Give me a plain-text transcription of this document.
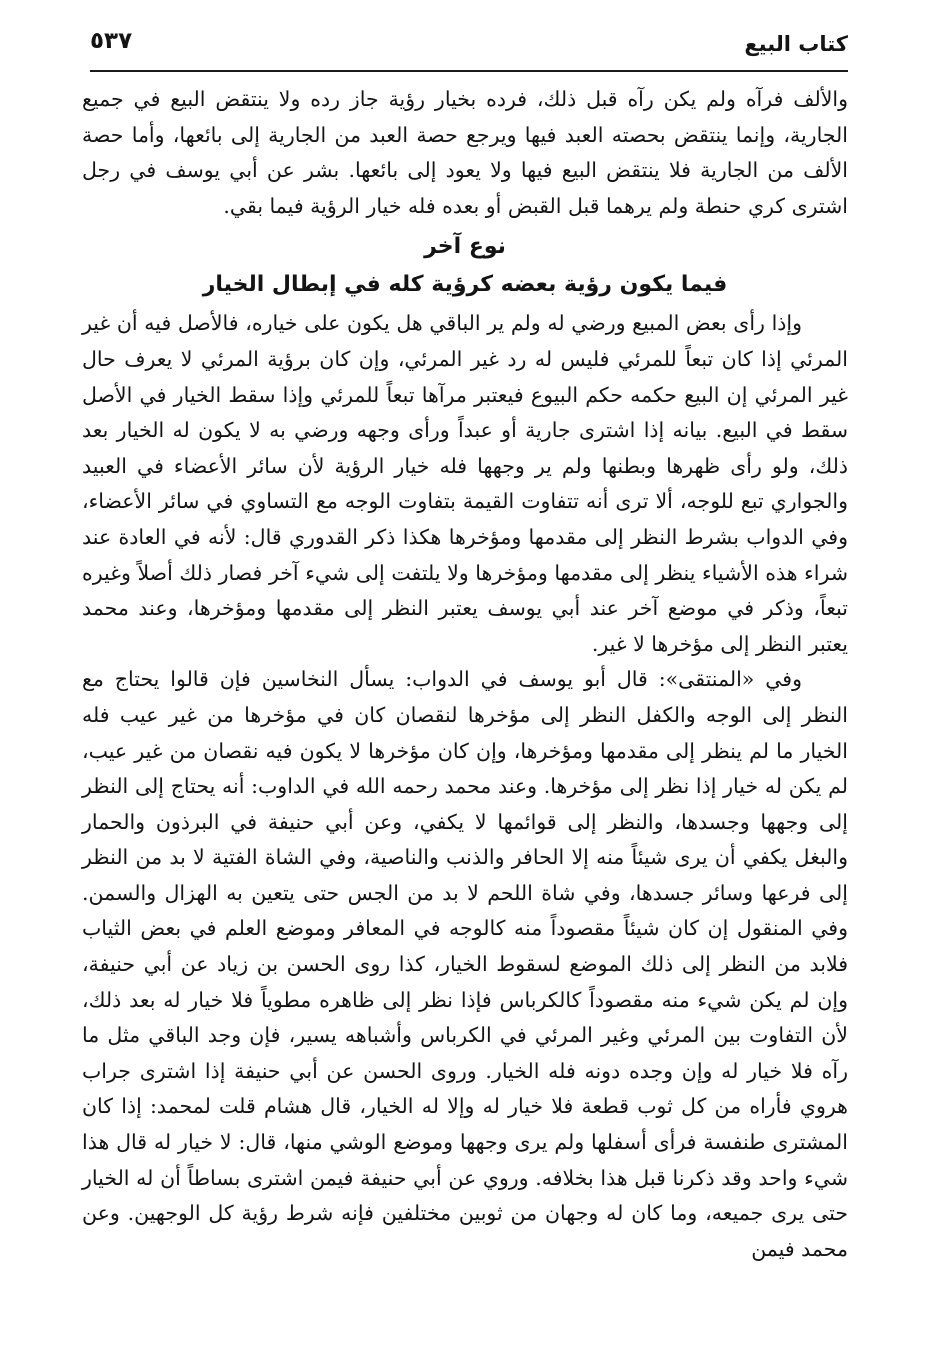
كتاب البيع
٥٣٧

والألف فرآه ولم يكن رآه قبل ذلك، فرده بخيار رؤية جاز رده ولا ينتقض البيع في جميع الجارية، وإنما ينتقض بحصته العبد فيها ويرجع حصة العبد من الجارية إلى بائعها، وأما حصة الألف من الجارية فلا ينتقض البيع فيها ولا يعود إلى بائعها. بشر عن أبي يوسف في رجل اشترى كري حنطة ولم يرهما قبل القبض أو بعده فله خيار الرؤية فيما بقي.

نوع آخر
فيما يكون رؤية بعضه كرؤية كله في إبطال الخيار

وإذا رأى بعض المبيع ورضي له ولم ير الباقي هل يكون على خياره، فالأصل فيه أن غير المرئي إذا كان تبعاً للمرئي فليس له رد غير المرئي، وإن كان برؤية المرئي لا يعرف حال غير المرئي إن البيع حكمه حكم البيوع فيعتبر مرآها تبعاً للمرئي وإذا سقط الخيار في الأصل سقط في البيع. بيانه إذا اشترى جارية أو عبداً ورأى وجهه ورضي به لا يكون له الخيار بعد ذلك، ولو رأى ظهرها وبطنها ولم ير وجهها فله خيار الرؤية لأن سائر الأعضاء في العبيد والجواري تبع للوجه، ألا ترى أنه تتفاوت القيمة بتفاوت الوجه مع التساوي في سائر الأعضاء، وفي الدواب بشرط النظر إلى مقدمها ومؤخرها هكذا ذكر القدوري قال: لأنه في العادة عند شراء هذه الأشياء ينظر إلى مقدمها ومؤخرها ولا يلتفت إلى شيء آخر فصار ذلك أصلاً وغيره تبعاً، وذكر في موضع آخر عند أبي يوسف يعتبر النظر إلى مقدمها ومؤخرها، وعند محمد يعتبر النظر إلى مؤخرها لا غير.

وفي «المنتقى»: قال أبو يوسف في الدواب: يسأل النخاسين فإن قالوا يحتاج مع النظر إلى الوجه والكفل النظر إلى مؤخرها لنقصان كان في مؤخرها من غير عيب فله الخيار ما لم ينظر إلى مقدمها ومؤخرها، وإن كان مؤخرها لا يكون فيه نقصان من غير عيب، لم يكن له خيار إذا نظر إلى مؤخرها. وعند محمد رحمه الله في الداوب: أنه يحتاج إلى النظر إلى وجهها وجسدها، والنظر إلى قوائمها لا يكفي، وعن أبي حنيفة في البرذون والحمار والبغل يكفي أن يرى شيئاً منه إلا الحافر والذنب والناصية، وفي الشاة الفتية لا بد من النظر إلى فرعها وسائر جسدها، وفي شاة اللحم لا بد من الجس حتى يتعين به الهزال والسمن. وفي المنقول إن كان شيئاً مقصوداً منه كالوجه في المعافر وموضع العلم في بعض الثياب فلابد من النظر إلى ذلك الموضع لسقوط الخيار، كذا روى الحسن بن زياد عن أبي حنيفة، وإن لم يكن شيء منه مقصوداً كالكرباس فإذا نظر إلى ظاهره مطوياً فلا خيار له بعد ذلك، لأن التفاوت بين المرئي وغير المرئي في الكرباس وأشباهه يسير، فإن وجد الباقي مثل ما رآه فلا خيار له وإن وجده دونه فله الخيار. وروى الحسن عن أبي حنيفة إذا اشترى جراب هروي فأراه من كل ثوب قطعة فلا خيار له وإلا له الخيار، قال هشام قلت لمحمد: إذا كان المشترى طنفسة فرأى أسفلها ولم يرى وجهها وموضع الوشي منها، قال: لا خيار له قال هذا شيء واحد وقد ذكرنا قبل هذا بخلافه. وروي عن أبي حنيفة فيمن اشترى بساطاً أن له الخيار حتى يرى جميعه، وما كان له وجهان من ثوبين مختلفين فإنه شرط رؤية كل الوجهين. وعن محمد فيمن
